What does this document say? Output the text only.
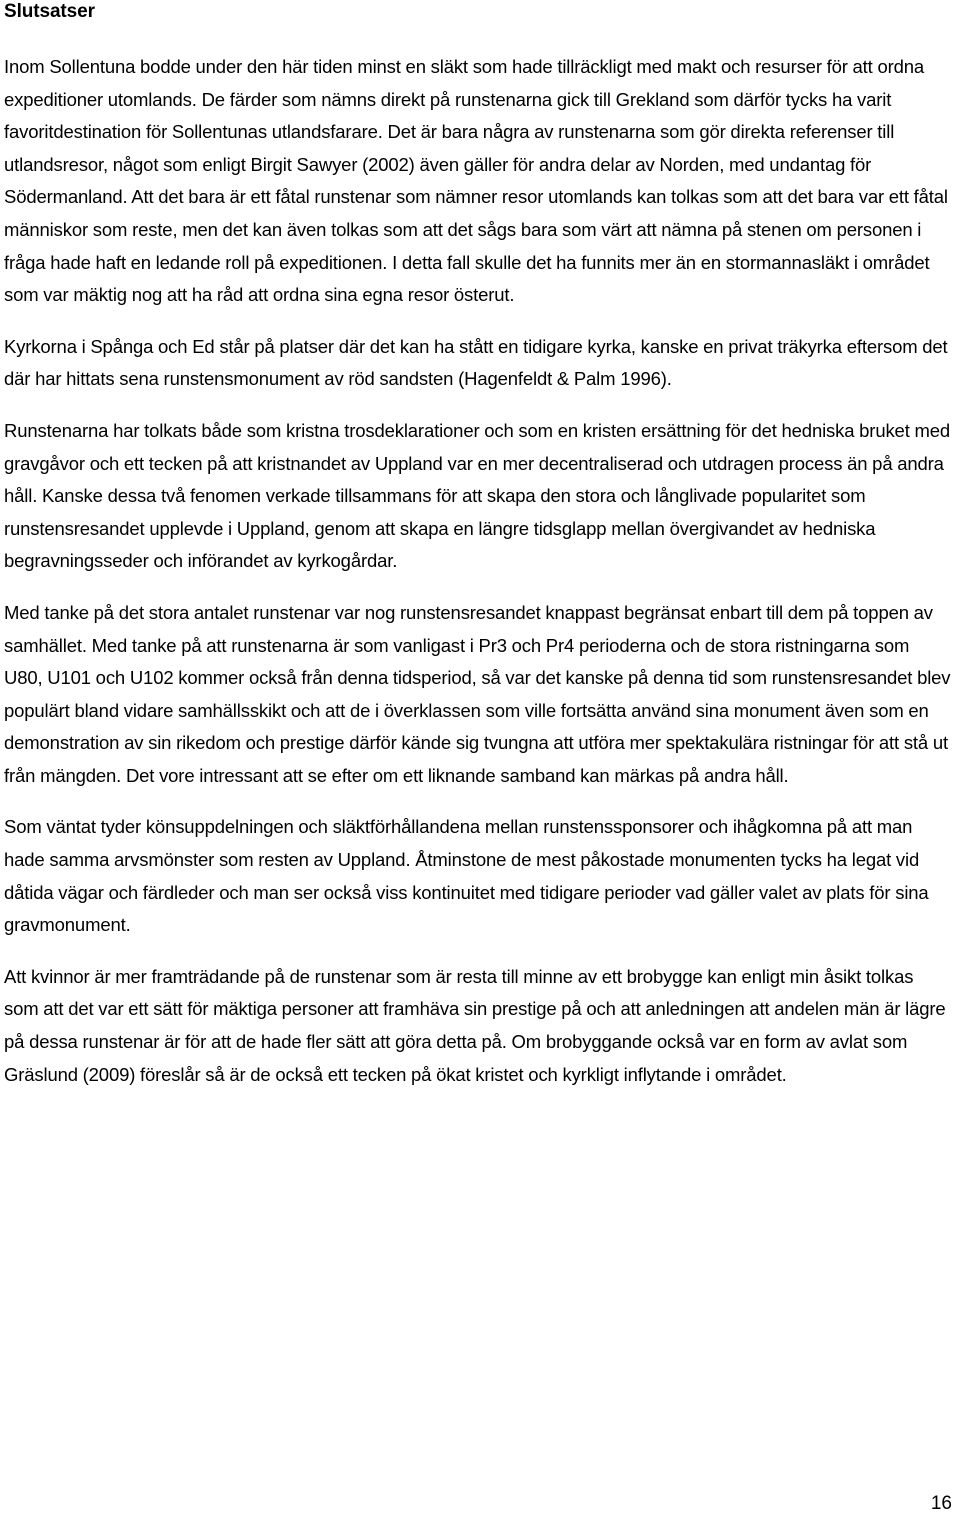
Slutsatser

Inom Sollentuna bodde under den här tiden minst en släkt som hade tillräckligt med makt och resurser för att ordna expeditioner utomlands. De färder som nämns direkt på runstenarna gick till Grekland som därför tycks ha varit favoritdestination för Sollentunas utlandsfarare. Det är bara några av runstenarna som gör direkta referenser till utlandsresor, något som enligt Birgit Sawyer (2002) även gäller för andra delar av Norden, med undantag för Södermanland. Att det bara är ett fåtal runstenar som nämner resor utomlands kan tolkas som att det bara var ett fåtal människor som reste, men det kan även tolkas som att det sågs bara som värt att nämna på stenen om personen i fråga hade haft en ledande roll på expeditionen. I detta fall skulle det ha funnits mer än en stormannasläkt i området som var mäktig nog att ha råd att ordna sina egna resor österut.

Kyrkorna i Spånga och Ed står på platser där det kan ha stått en tidigare kyrka, kanske en privat träkyrka eftersom det där har hittats sena runstensmonument av röd sandsten (Hagenfeldt & Palm 1996).

Runstenarna har tolkats både som kristna trosdeklarationer och som en kristen ersättning för det hedniska bruket med gravgåvor och ett tecken på att kristnandet av Uppland var en mer decentraliserad och utdragen process än på andra håll. Kanske dessa två fenomen verkade tillsammans för att skapa den stora och långlivade popularitet som runstensresandet upplevde i Uppland, genom att skapa en längre tidsglapp mellan övergivandet av hedniska begravningsseder och införandet av kyrkogårdar.

Med tanke på det stora antalet runstenar var nog runstensresandet knappast begränsat enbart till dem på toppen av samhället. Med tanke på att runstenarna är som vanligast i Pr3 och Pr4 perioderna och de stora ristningarna som U80, U101 och U102 kommer också från denna tidsperiod, så var det kanske på denna tid som runstensresandet blev populärt bland vidare samhällsskikt och att de i överklassen som ville fortsätta använd sina monument även som en demonstration av sin rikedom och prestige därför kände sig tvungna att utföra mer spektakulära ristningar för att stå ut från mängden. Det vore intressant att se efter om ett liknande samband kan märkas på andra håll.

Som väntat tyder könsuppdelningen och släktförhållandena mellan runstenssponsorer och ihågkomna på att man hade samma arvsmönster som resten av Uppland. Åtminstone de mest påkostade monumenten tycks ha legat vid dåtida vägar och färdleder och man ser också viss kontinuitet med tidigare perioder vad gäller valet av plats för sina gravmonument.

Att kvinnor är mer framträdande på de runstenar som är resta till minne av ett brobygge kan enligt min åsikt tolkas som att det var ett sätt för mäktiga personer att framhäva sin prestige på och att anledningen att andelen män är lägre på dessa runstenar är för att de hade fler sätt att göra detta på. Om brobyggande också var en form av avlat som Gräslund (2009) föreslår så är de också ett tecken på ökat kristet och kyrkligt inflytande i området.

16
